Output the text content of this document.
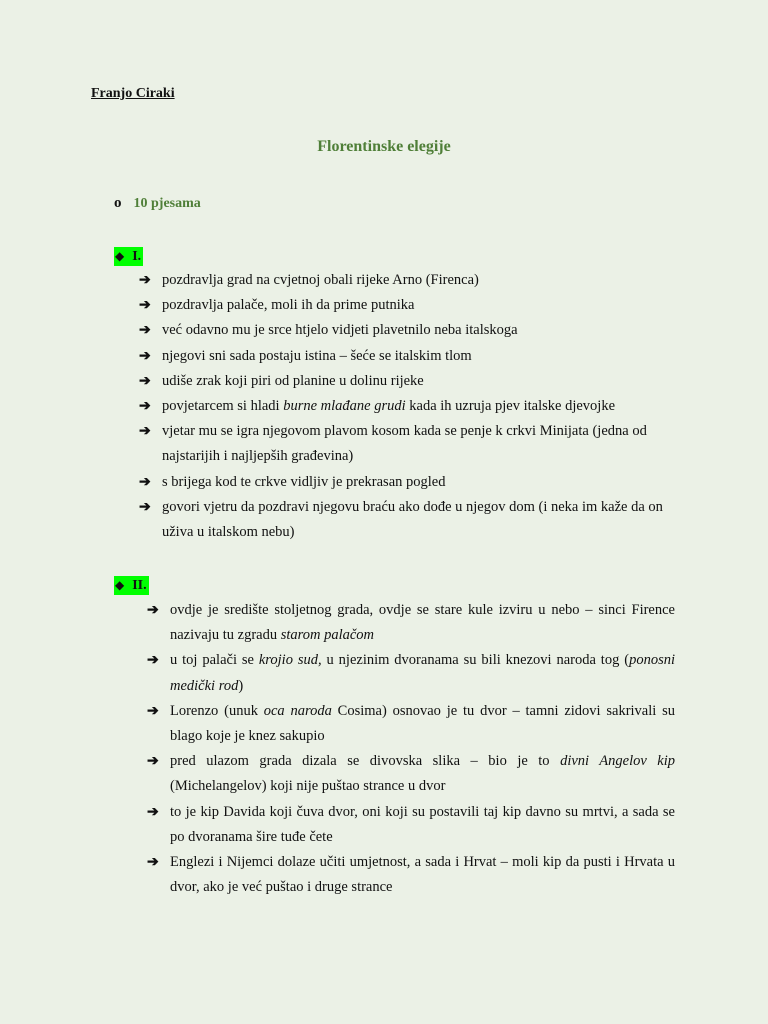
Franjo Ciraki
Florentinske elegije
o 10 pjesama
◆ I.
➔ pozdravlja grad na cvjetnoj obali rijeke Arno (Firenca)
➔ pozdravlja palače, moli ih da prime putnika
➔ već odavno mu je srce htjelo vidjeti plavetnilo neba italskoga
➔ njegovi sni sada postaju istina – šeće se italskim tlom
➔ udiše zrak koji piri od planine u dolinu rijeke
➔ povjetarcem si hladi burne mlađane grudi kada ih uzruja pjev italske djevojke
➔ vjetar mu se igra njegovom plavom kosom kada se penje k crkvi Minijata (jedna od najstarijih i najljepših građevina)
➔ s brijega kod te crkve vidljiv je prekrasan pogled
➔ govori vjetru da pozdravi njegovu braću ako dođe u njegov dom (i neka im kaže da on uživa u italskom nebu)
◆ II.
➔ ovdje je središte stoljetnog grada, ovdje se stare kule izviru u nebo – sinci Firence nazivaju tu zgradu starom palačom
➔ u toj palači se krojio sud, u njezinim dvoranama su bili knezovi naroda tog (ponosni medički rod)
➔ Lorenzo (unuk oca naroda Cosima) osnovao je tu dvor – tamni zidovi sakrivali su blago koje je knez sakupio
➔ pred ulazom grada dizala se divovska slika – bio je to divni Angelov kip (Michelangelov) koji nije puštao strance u dvor
➔ to je kip Davida koji čuva dvor, oni koji su postavili taj kip davno su mrtvi, a sada se po dvoranama šire tuđe čete
➔ Englezi i Nijemci dolaze učiti umjetnost, a sada i Hrvat – moli kip da pusti i Hrvata u dvor, ako je već puštao i druge strance
